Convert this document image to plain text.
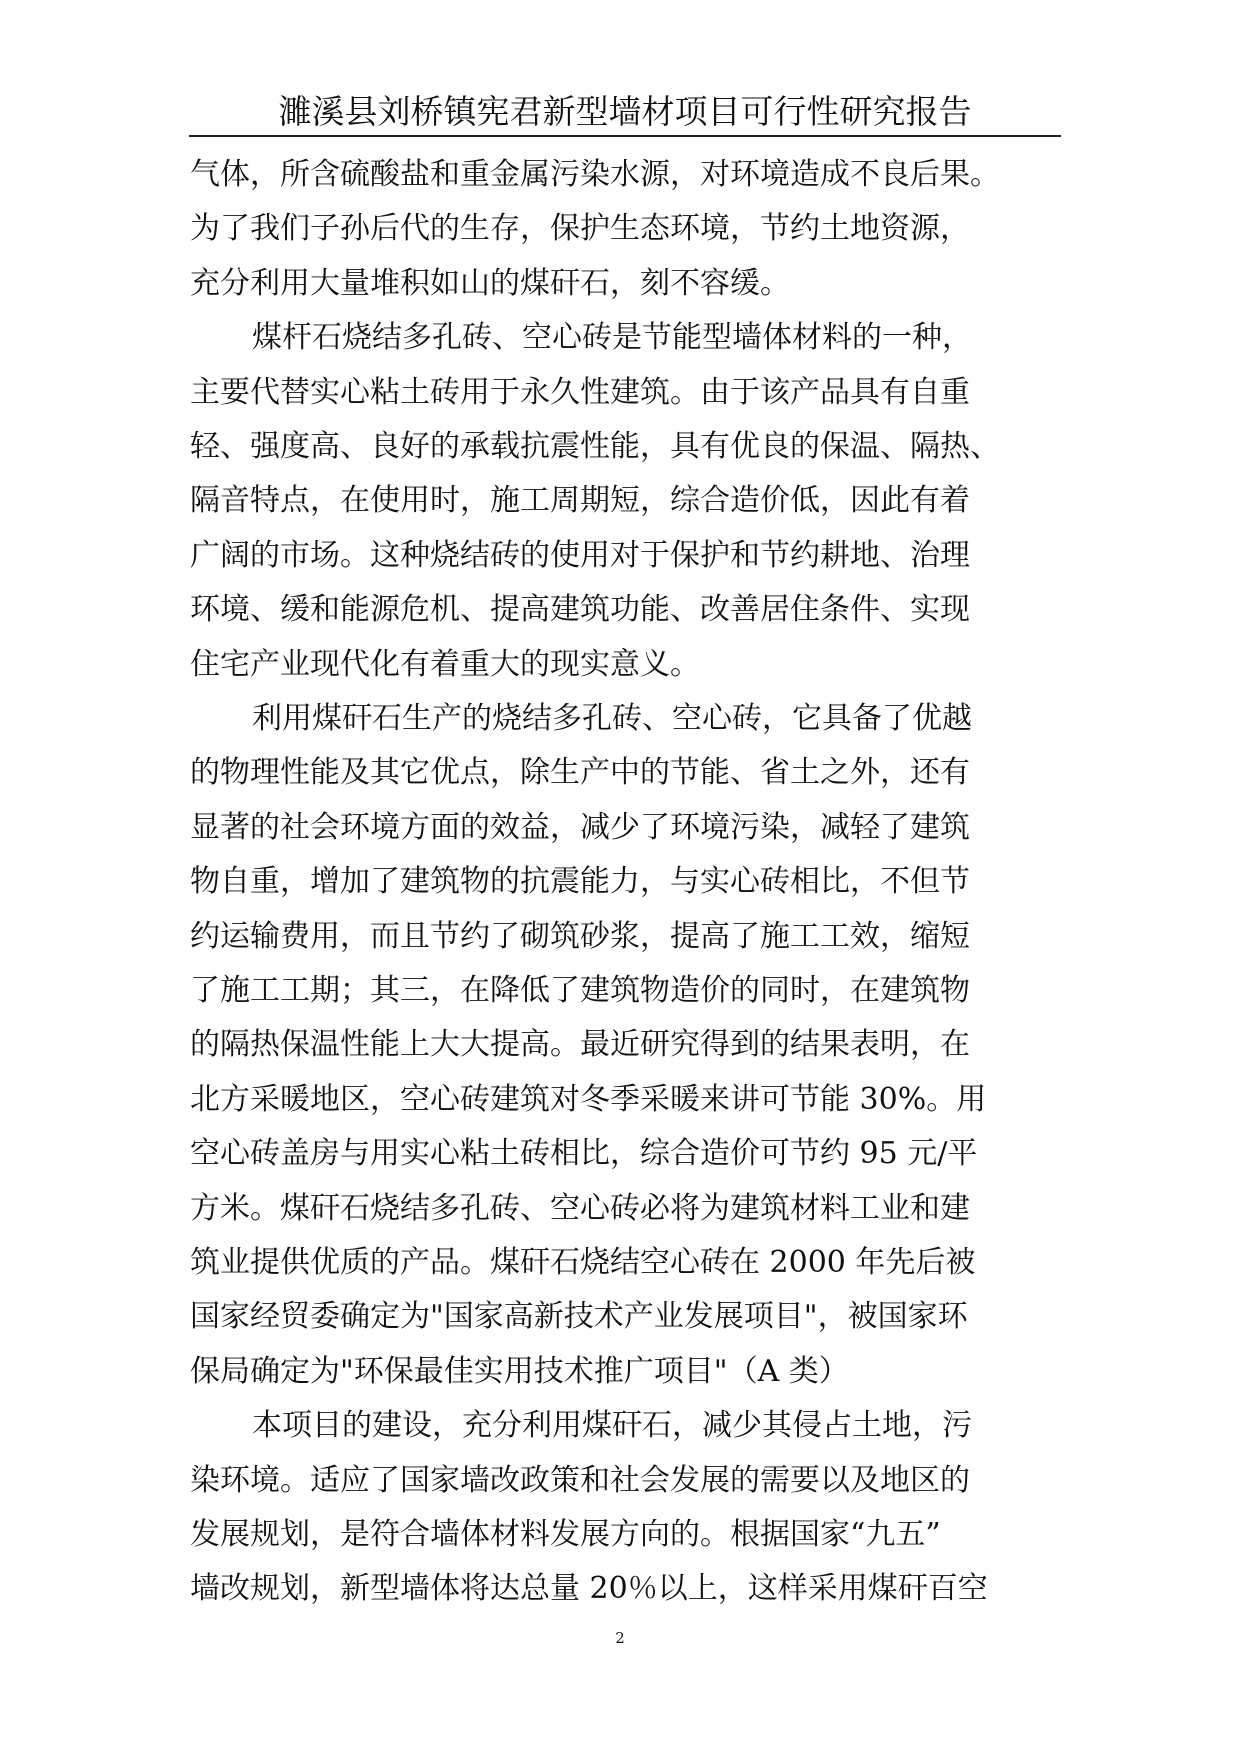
濉溪县刘桥镇宪君新型墙材项目可行性研究报告
气体，所含硫酸盐和重金属污染水源，对环境造成不良后果。
为了我们子孙后代的生存，保护生态环境，节约土地资源，
充分利用大量堆积如山的煤矸石，刻不容缓。
煤杆石烧结多孔砖、空心砖是节能型墙体材料的一种，
主要代替实心粘土砖用于永久性建筑。由于该产品具有自重
轻、强度高、良好的承载抗震性能，具有优良的保温、隔热、
隔音特点，在使用时，施工周期短，综合造价低，因此有着
广阔的市场。这种烧结砖的使用对于保护和节约耕地、治理
环境、缓和能源危机、提高建筑功能、改善居住条件、实现
住宅产业现代化有着重大的现实意义。
利用煤矸石生产的烧结多孔砖、空心砖，它具备了优越
的物理性能及其它优点，除生产中的节能、省土之外，还有
显著的社会环境方面的效益，减少了环境污染，减轻了建筑
物自重，增加了建筑物的抗震能力，与实心砖相比，不但节
约运输费用，而且节约了砌筑砂浆，提高了施工工效，缩短
了施工工期；其三，在降低了建筑物造价的同时，在建筑物
的隔热保温性能上大大提高。最近研究得到的结果表明，在
北方采暖地区，空心砖建筑对冬季采暖来讲可节能 30%。用
空心砖盖房与用实心粘土砖相比，综合造价可节约 95 元/平
方米。煤矸石烧结多孔砖、空心砖必将为建筑材料工业和建
筑业提供优质的产品。煤矸石烧结空心砖在 2000 年先后被
国家经贸委确定为"国家高新技术产业发展项目"，被国家环
保局确定为"环保最佳实用技术推广项目"（A 类）
本项目的建设，充分利用煤矸石，减少其侵占土地，污
染环境。适应了国家墙改政策和社会发展的需要以及地区的
发展规划，是符合墙体材料发展方向的。根据国家“九五”
墙改规划，新型墙体将达总量 20％以上，这样采用煤矸百空
2
